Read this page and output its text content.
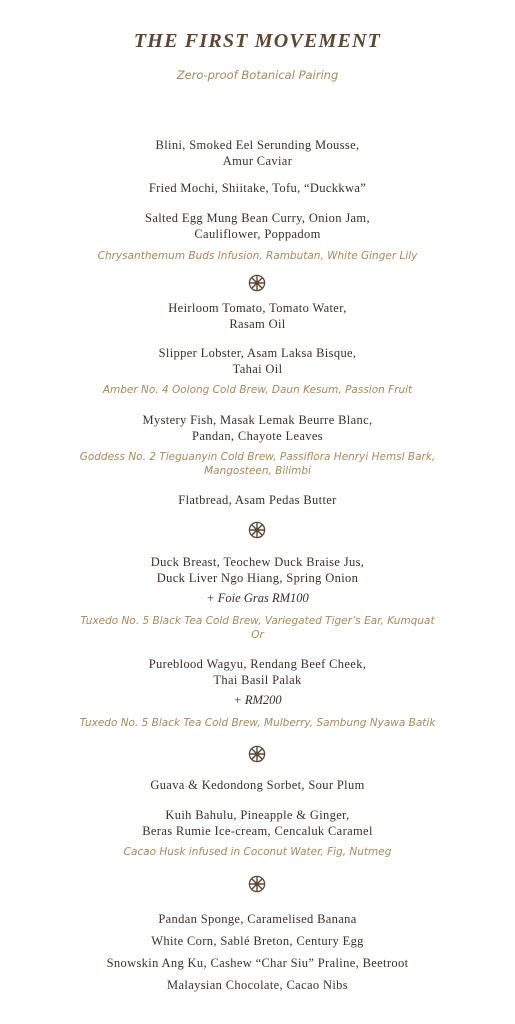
THE FIRST MOVEMENT
Zero-proof Botanical Pairing
Blini, Smoked Eel Serunding Mousse,
Amur Caviar
Fried Mochi, Shiitake, Tofu, “Duckkwa”
Salted Egg Mung Bean Curry, Onion Jam,
Cauliflower, Poppadom
Chrysanthemum Buds Infusion, Rambutan, White Ginger Lily
Heirloom Tomato, Tomato Water,
Rasam Oil
Slipper Lobster, Asam Laksa Bisque,
Tahai Oil
Amber No. 4 Oolong Cold Brew, Daun Kesum, Passion Fruit
Mystery Fish, Masak Lemak Beurre Blanc,
Pandan, Chayote Leaves
Goddess No. 2 Tieguanyin Cold Brew, Passiflora Henryi Hemsl Bark,
Mangosteen, Bilimbi
Flatbread, Asam Pedas Butter
Duck Breast, Teochew Duck Braise Jus,
Duck Liver Ngo Hiang, Spring Onion
+ Foie Gras RM100
Tuxedo No. 5 Black Tea Cold Brew, Variegated Tiger’s Ear, Kumquat
Or
Pureblood Wagyu, Rendang Beef Cheek,
Thai Basil Palak
+ RM200
Tuxedo No. 5 Black Tea Cold Brew, Mulberry, Sambung Nyawa Batik
Guava & Kedondong Sorbet, Sour Plum
Kuih Bahulu, Pineapple & Ginger,
Beras Rumie Ice-cream, Cencaluk Caramel
Cacao Husk infused in Coconut Water, Fig, Nutmeg
Pandan Sponge, Caramelised Banana
White Corn, Sablé Breton, Century Egg
Snowskin Ang Ku, Cashew “Char Siu” Praline, Beetroot
Malaysian Chocolate, Cacao Nibs
